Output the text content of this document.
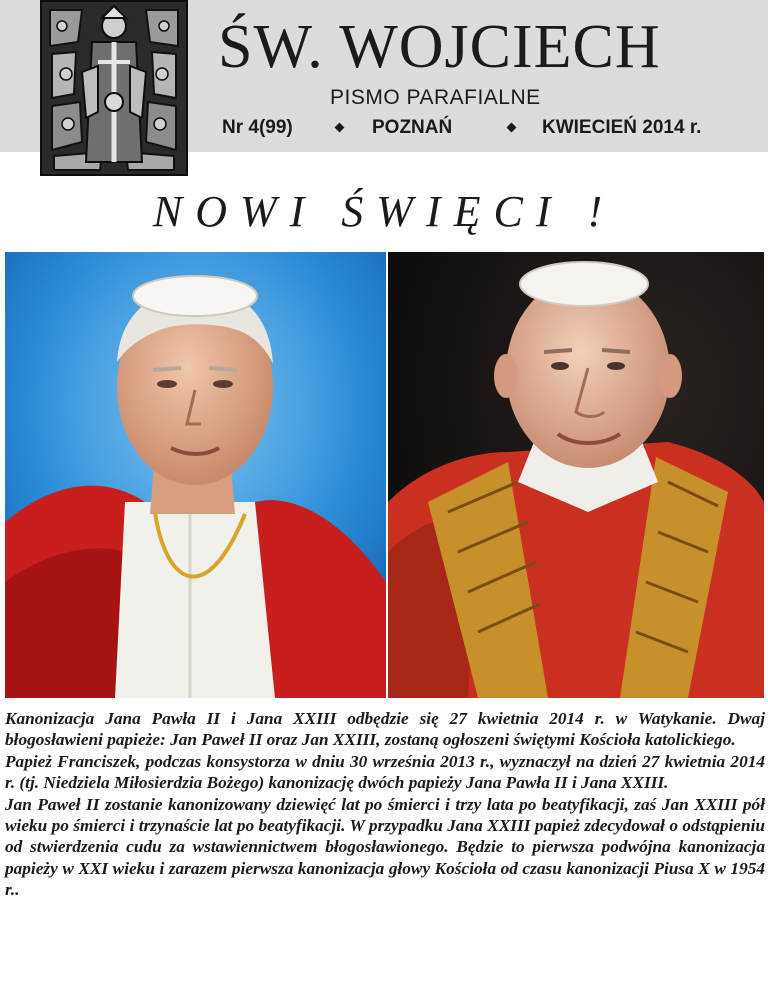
ŚW. WOJCIECH
PISMO PARAFIALNE
Nr 4(99)	POZNAŃ	KWIECIEŃ 2014 r.
NOWI ŚWIĘCI !

Kanonizacja Jana Pawła II i Jana XXIII odbędzie się 27 kwietnia 2014 r. w Watykanie. Dwaj błogosławieni papieże: Jan Paweł II oraz Jan XXIII, zostaną ogłoszeni świętymi Kościoła katolickiego.

Papież Franciszek, podczas konsystorza w dniu 30 września 2013 r., wyznaczył na dzień 27 kwietnia 2014 r. (tj. Niedziela Miłosierdzia Bożego) kanonizację dwóch papieży Jana Pawła II i Jana XXIII.

Jan Paweł II zostanie kanonizowany dziewięć lat po śmierci i trzy lata po beatyfikacji, zaś Jan XXIII pół wieku po śmierci i trzynaście lat po beatyfikacji. W przypadku Jana XXIII papież zdecydował o odstąpieniu od stwierdzenia cudu za wstawiennictwem błogosławionego. Będzie to pierwsza podwójna kanonizacja papieży w XXI wieku i zarazem pierwsza kanonizacja głowy Kościoła od czasu kanonizacji Piusa X w 1954 r..
